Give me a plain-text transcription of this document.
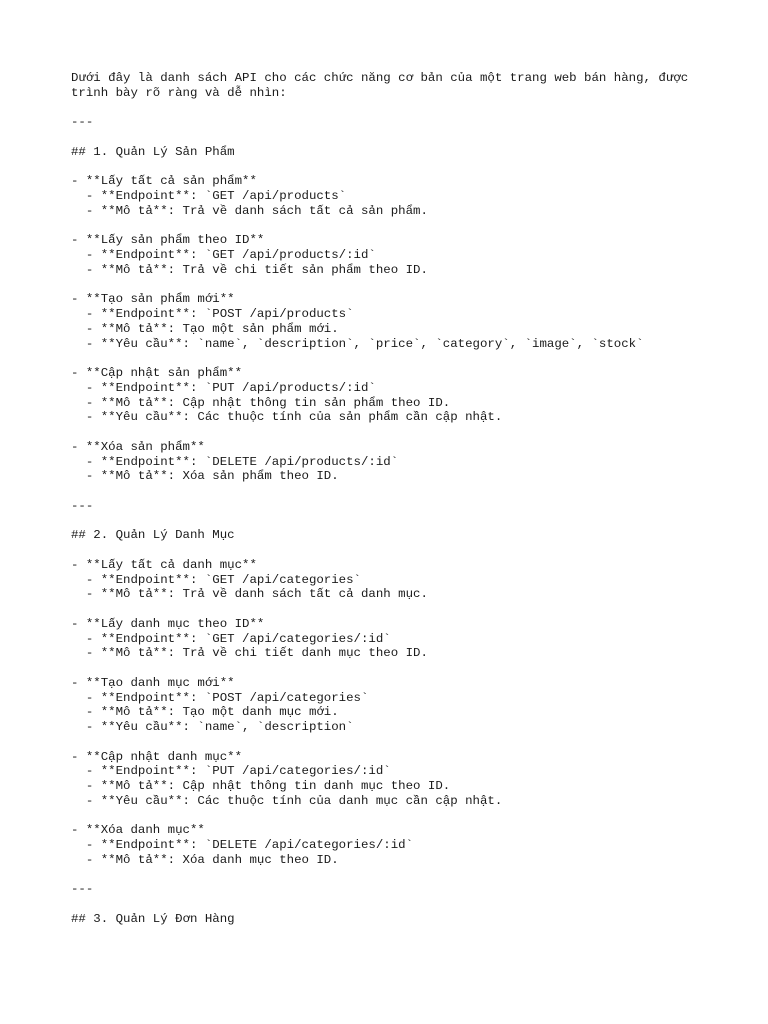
Dưới đây là danh sách API cho các chức năng cơ bản của một trang web bán hàng, được
trình bày rõ ràng và dễ nhìn:
---
## 1. Quản Lý Sản Phẩm
- **Lấy tất cả sản phẩm**
- **Endpoint**: `GET /api/products`
- **Mô tả**: Trả về danh sách tất cả sản phẩm.
- **Lấy sản phẩm theo ID**
- **Endpoint**: `GET /api/products/:id`
- **Mô tả**: Trả về chi tiết sản phẩm theo ID.
- **Tạo sản phẩm mới**
- **Endpoint**: `POST /api/products`
- **Mô tả**: Tạo một sản phẩm mới.
- **Yêu cầu**: `name`, `description`, `price`, `category`, `image`, `stock`
- **Cập nhật sản phẩm**
- **Endpoint**: `PUT /api/products/:id`
- **Mô tả**: Cập nhật thông tin sản phẩm theo ID.
- **Yêu cầu**: Các thuộc tính của sản phẩm cần cập nhật.
- **Xóa sản phẩm**
- **Endpoint**: `DELETE /api/products/:id`
- **Mô tả**: Xóa sản phẩm theo ID.
---
## 2. Quản Lý Danh Mục
- **Lấy tất cả danh mục**
- **Endpoint**: `GET /api/categories`
- **Mô tả**: Trả về danh sách tất cả danh mục.
- **Lấy danh mục theo ID**
- **Endpoint**: `GET /api/categories/:id`
- **Mô tả**: Trả về chi tiết danh mục theo ID.
- **Tạo danh mục mới**
- **Endpoint**: `POST /api/categories`
- **Mô tả**: Tạo một danh mục mới.
- **Yêu cầu**: `name`, `description`
- **Cập nhật danh mục**
- **Endpoint**: `PUT /api/categories/:id`
- **Mô tả**: Cập nhật thông tin danh mục theo ID.
- **Yêu cầu**: Các thuộc tính của danh mục cần cập nhật.
- **Xóa danh mục**
- **Endpoint**: `DELETE /api/categories/:id`
- **Mô tả**: Xóa danh mục theo ID.
---
## 3. Quản Lý Đơn Hàng
